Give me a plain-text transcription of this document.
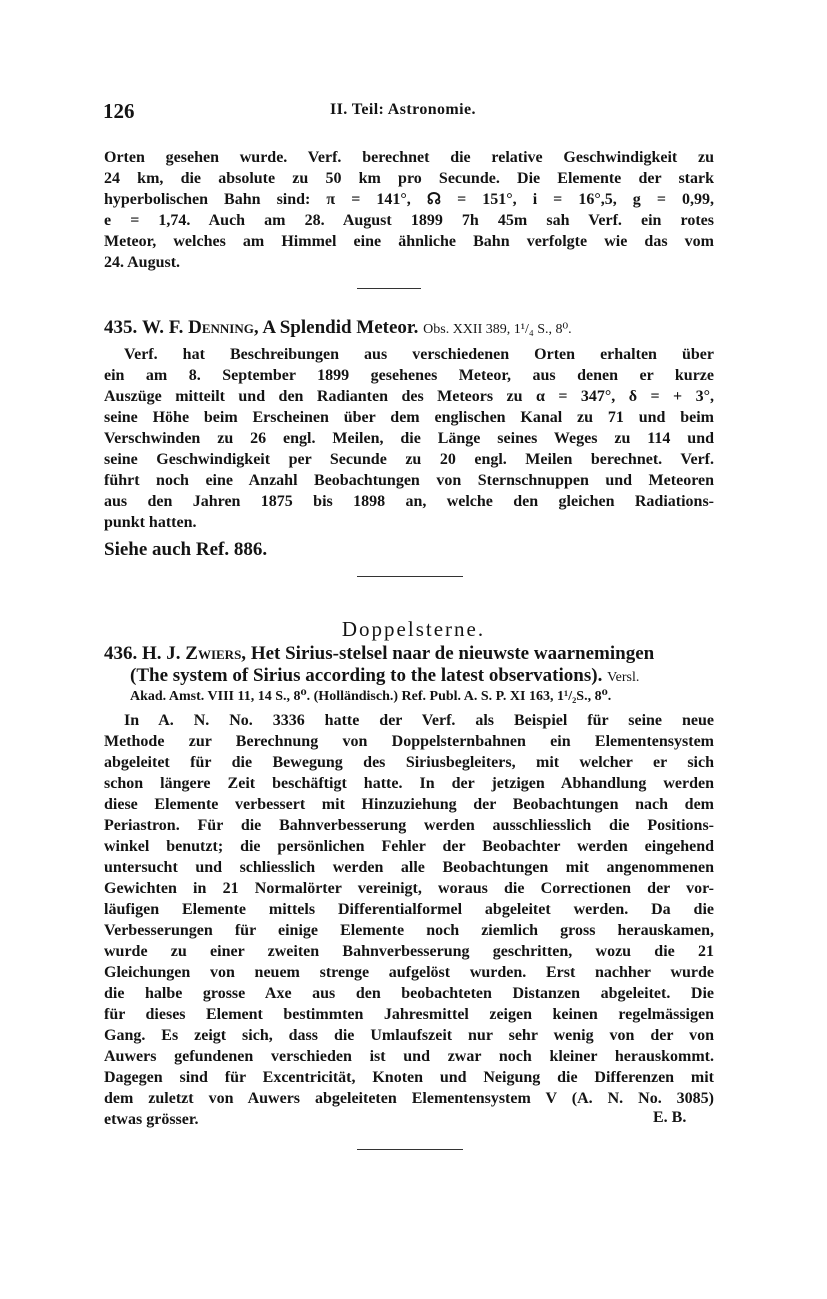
126	II. Teil: Astronomie.
Orten gesehen wurde. Verf. berechnet die relative Geschwindigkeit zu
24 km, die absolute zu 50 km pro Secunde. Die Elemente der stark
hyperbolischen Bahn sind: π = 141°, ☊ = 151°, i = 16°,5, g = 0,99,
e = 1,74. Auch am 28. August 1899 7h 45m sah Verf. ein rotes
Meteor, welches am Himmel eine ähnliche Bahn verfolgte wie das vom
24. August.
435. W. F. Denning, A Splendid Meteor. Obs. XXII 389, 1¹/₄ S., 8⁰.
Verf. hat Beschreibungen aus verschiedenen Orten erhalten über
ein am 8. September 1899 gesehenes Meteor, aus denen er kurze
Auszüge mitteilt und den Radianten des Meteors zu α = 347°, δ = + 3°,
seine Höhe beim Erscheinen über dem englischen Kanal zu 71 und beim
Verschwinden zu 26 engl. Meilen, die Länge seines Weges zu 114 und
seine Geschwindigkeit per Secunde zu 20 engl. Meilen berechnet. Verf.
führt noch eine Anzahl Beobachtungen von Sternschnuppen und Meteoren
aus den Jahren 1875 bis 1898 an, welche den gleichen Radiations-
punkt hatten.
Siehe auch Ref. 886.
Doppelsterne.
436. H. J. Zwiers, Het Sirius-stelsel naar de nieuwste waarnemingen
(The system of Sirius according to the latest observations). Versl.
Akad. Amst. VIII 11, 14 S., 8⁰. (Holländisch.) Ref. Publ. A. S. P. XI 163, 1¹/₂S., 8⁰.
In A. N. No. 3336 hatte der Verf. als Beispiel für seine neue
Methode zur Berechnung von Doppelsternbahnen ein Elementensystem
abgeleitet für die Bewegung des Siriusbegleiters, mit welcher er sich
schon längere Zeit beschäftigt hatte. In der jetzigen Abhandlung werden
diese Elemente verbessert mit Hinzuziehung der Beobachtungen nach dem
Periastron. Für die Bahnverbesserung werden ausschliesslich die Positions-
winkel benutzt; die persönlichen Fehler der Beobachter werden eingehend
untersucht und schliesslich werden alle Beobachtungen mit angenommenen
Gewichten in 21 Normalörter vereinigt, woraus die Correctionen der vor-
läufigen Elemente mittels Differentialformel abgeleitet werden. Da die
Verbesserungen für einige Elemente noch ziemlich gross herauskamen,
wurde zu einer zweiten Bahnverbesserung geschritten, wozu die 21
Gleichungen von neuem strenge aufgelöst wurden. Erst nachher wurde
die halbe grosse Axe aus den beobachteten Distanzen abgeleitet. Die
für dieses Element bestimmten Jahresmittel zeigen keinen regelmässigen
Gang. Es zeigt sich, dass die Umlaufszeit nur sehr wenig von der von
Auwers gefundenen verschieden ist und zwar noch kleiner herauskommt.
Dagegen sind für Excentricität, Knoten und Neigung die Differenzen mit
dem zuletzt von Auwers abgeleiteten Elementensystem V (A. N. No. 3085)
etwas grösser.	E. B.
